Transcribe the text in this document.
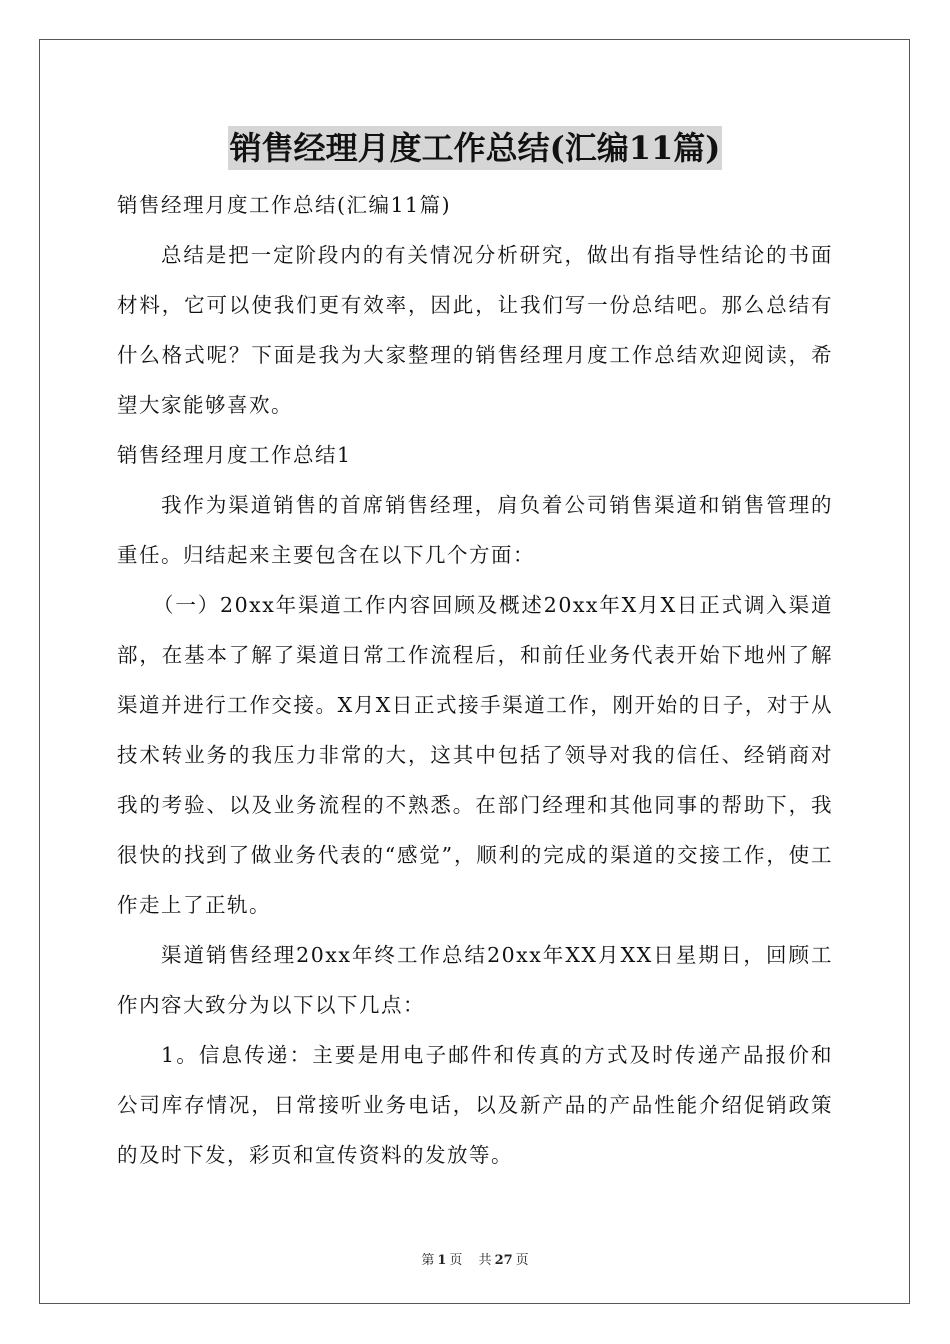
销售经理月度工作总结(汇编11篇)

销售经理月度工作总结(汇编11篇)

总结是把一定阶段内的有关情况分析研究，做出有指导性结论的书面材料，它可以使我们更有效率，因此，让我们写一份总结吧。那么总结有什么格式呢？下面是我为大家整理的销售经理月度工作总结欢迎阅读，希望大家能够喜欢。

销售经理月度工作总结1

我作为渠道销售的首席销售经理，肩负着公司销售渠道和销售管理的重任。归结起来主要包含在以下几个方面：

（一）20xx年渠道工作内容回顾及概述20xx年X月X日正式调入渠道部，在基本了解了渠道日常工作流程后，和前任业务代表开始下地州了解渠道并进行工作交接。X月X日正式接手渠道工作，刚开始的日子，对于从技术转业务的我压力非常的大，这其中包括了领导对我的信任、经销商对我的考验、以及业务流程的不熟悉。在部门经理和其他同事的帮助下，我很快的找到了做业务代表的“感觉”，顺利的完成的渠道的交接工作，使工作走上了正轨。

渠道销售经理20xx年终工作总结20xx年XX月XX日星期日，回顾工作内容大致分为以下以下几点：

1。信息传递：主要是用电子邮件和传真的方式及时传递产品报价和公司库存情况，日常接听业务电话，以及新产品的产品性能介绍促销政策的及时下发，彩页和宣传资料的发放等。

第 1 页 共 27 页
